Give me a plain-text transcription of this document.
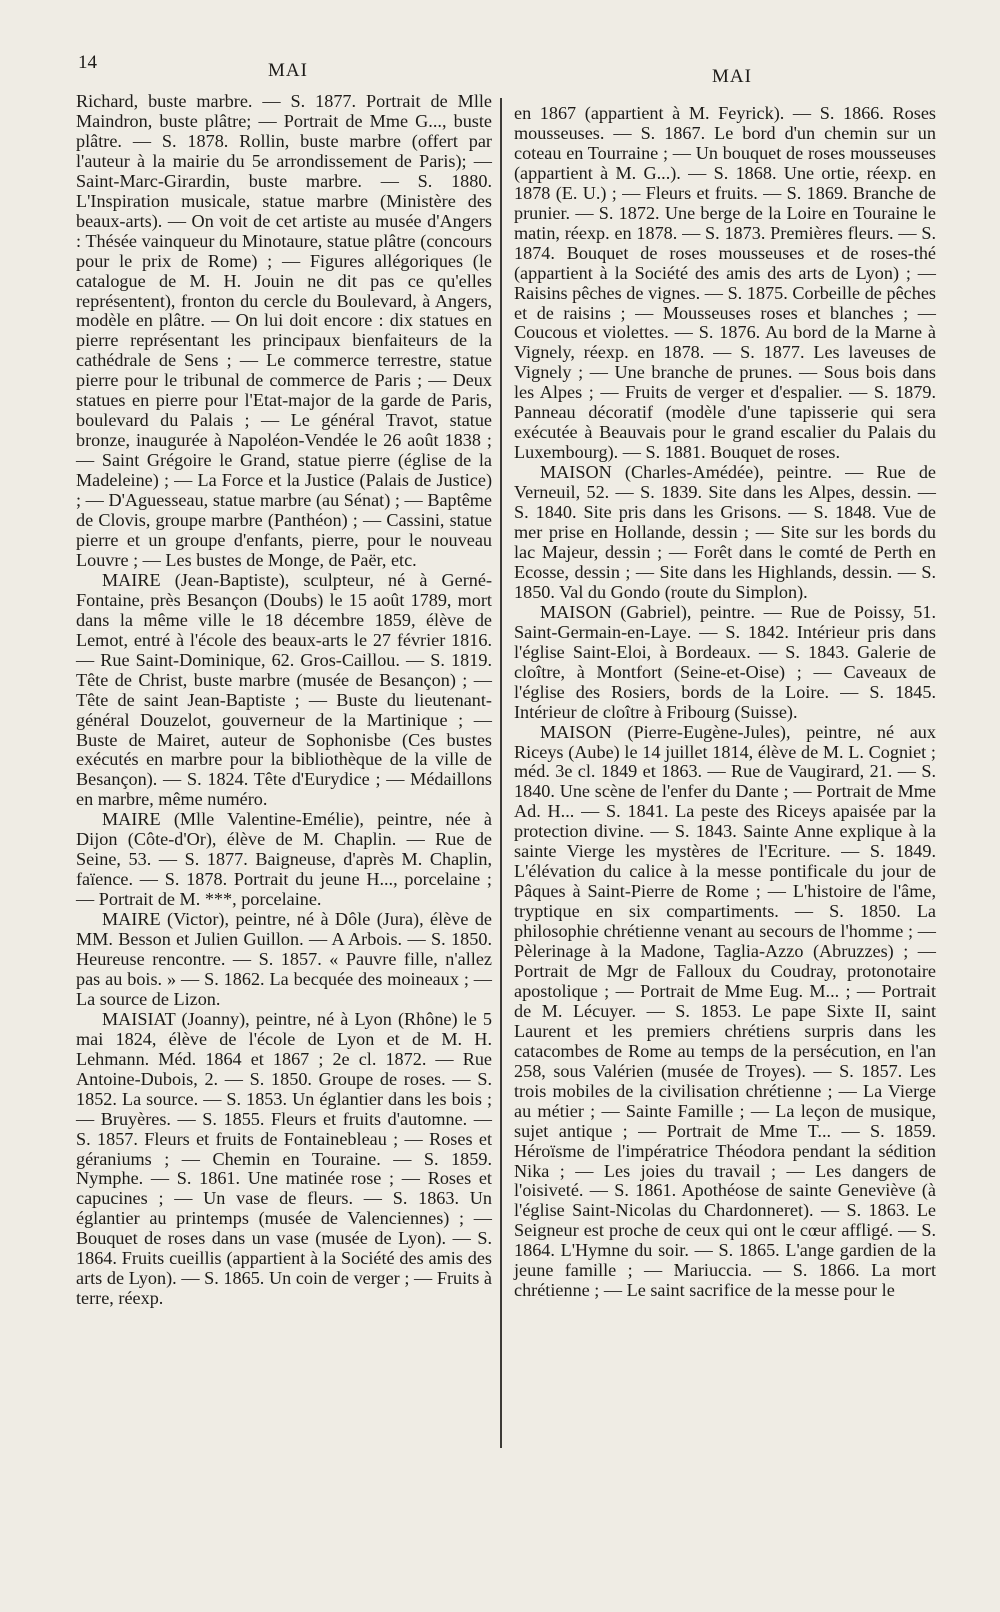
14	MAI	MAI

Richard, buste marbre. — S. 1877. Portrait de Mlle Maindron, buste plâtre; — Portrait de Mme G..., buste plâtre. — S. 1878. Rollin, buste marbre (offert par l'auteur à la mairie du 5e arrondissement de Paris); — Saint-Marc-Girardin, buste marbre. — S. 1880. L'Inspiration musicale, statue marbre (Ministère des beaux-arts). — On voit de cet artiste au musée d'Angers : Thésée vainqueur du Minotaure, statue plâtre (concours pour le prix de Rome) ; — Figures allégoriques (le catalogue de M. H. Jouin ne dit pas ce qu'elles représentent), fronton du cercle du Boulevard, à Angers, modèle en plâtre. — On lui doit encore : dix statues en pierre représentant les principaux bienfaiteurs de la cathédrale de Sens ; — Le commerce terrestre, statue pierre pour le tribunal de commerce de Paris ; — Deux statues en pierre pour l'Etat-major de la garde de Paris, boulevard du Palais ; — Le général Travot, statue bronze, inaugurée à Napoléon-Vendée le 26 août 1838 ; — Saint Grégoire le Grand, statue pierre (église de la Madeleine) ; — La Force et la Justice (Palais de Justice) ; — D'Aguesseau, statue marbre (au Sénat) ; — Baptême de Clovis, groupe marbre (Panthéon) ; — Cassini, statue pierre et un groupe d'enfants, pierre, pour le nouveau Louvre ; — Les bustes de Monge, de Paër, etc.

MAIRE (Jean-Baptiste), sculpteur, né à Gerné-Fontaine, près Besançon (Doubs) le 15 août 1789, mort dans la même ville le 18 décembre 1859, élève de Lemot, entré à l'école des beaux-arts le 27 février 1816. — Rue Saint-Dominique, 62. Gros-Caillou. — S. 1819. Tête de Christ, buste marbre (musée de Besançon) ; — Tête de saint Jean-Baptiste ; — Buste du lieutenant-général Douzelot, gouverneur de la Martinique ; — Buste de Mairet, auteur de Sophonisbe (Ces bustes exécutés en marbre pour la bibliothèque de la ville de Besançon). — S. 1824. Tête d'Eurydice ; — Médaillons en marbre, même numéro.

MAIRE (Mlle Valentine-Emélie), peintre, née à Dijon (Côte-d'Or), élève de M. Chaplin. — Rue de Seine, 53. — S. 1877. Baigneuse, d'après M. Chaplin, faïence. — S. 1878. Portrait du jeune H..., porcelaine ; — Portrait de M. ***, porcelaine.

MAIRE (Victor), peintre, né à Dôle (Jura), élève de MM. Besson et Julien Guillon. — A Arbois. — S. 1850. Heureuse rencontre. — S. 1857. « Pauvre fille, n'allez pas au bois. » — S. 1862. La becquée des moineaux ; — La source de Lizon.

MAISIAT (Joanny), peintre, né à Lyon (Rhône) le 5 mai 1824, élève de l'école de Lyon et de M. H. Lehmann. Méd. 1864 et 1867 ; 2e cl. 1872. — Rue Antoine-Dubois, 2. — S. 1850. Groupe de roses. — S. 1852. La source. — S. 1853. Un églantier dans les bois ; — Bruyères. — S. 1855. Fleurs et fruits d'automne. — S. 1857. Fleurs et fruits de Fontainebleau ; — Roses et géraniums ; — Chemin en Touraine. — S. 1859. Nymphe. — S. 1861. Une matinée rose ; — Roses et capucines ; — Un vase de fleurs. — S. 1863. Un églantier au printemps (musée de Valenciennes) ; — Bouquet de roses dans un vase (musée de Lyon). — S. 1864. Fruits cueillis (appartient à la Société des amis des arts de Lyon). — S. 1865. Un coin de verger ; — Fruits à terre, réexp.

en 1867 (appartient à M. Feyrick). — S. 1866. Roses mousseuses. — S. 1867. Le bord d'un chemin sur un coteau en Tourraine ; — Un bouquet de roses mousseuses (appartient à M. G...). — S. 1868. Une ortie, réexp. en 1878 (E. U.) ; — Fleurs et fruits. — S. 1869. Branche de prunier. — S. 1872. Une berge de la Loire en Touraine le matin, réexp. en 1878. — S. 1873. Premières fleurs. — S. 1874. Bouquet de roses mousseuses et de roses-thé (appartient à la Société des amis des arts de Lyon) ; — Raisins pêches de vignes. — S. 1875. Corbeille de pêches et de raisins ; — Mousseuses roses et blanches ; — Coucous et violettes. — S. 1876. Au bord de la Marne à Vignely, réexp. en 1878. — S. 1877. Les laveuses de Vignely ; — Une branche de prunes. — Sous bois dans les Alpes ; — Fruits de verger et d'espalier. — S. 1879. Panneau décoratif (modèle d'une tapisserie qui sera exécutée à Beauvais pour le grand escalier du Palais du Luxembourg). — S. 1881. Bouquet de roses.

MAISON (Charles-Amédée), peintre. — Rue de Verneuil, 52. — S. 1839. Site dans les Alpes, dessin. — S. 1840. Site pris dans les Grisons. — S. 1848. Vue de mer prise en Hollande, dessin ; — Site sur les bords du lac Majeur, dessin ; — Forêt dans le comté de Perth en Ecosse, dessin ; — Site dans les Highlands, dessin. — S. 1850. Val du Gondo (route du Simplon).

MAISON (Gabriel), peintre. — Rue de Poissy, 51. Saint-Germain-en-Laye. — S. 1842. Intérieur pris dans l'église Saint-Eloi, à Bordeaux. — S. 1843. Galerie de cloître, à Montfort (Seine-et-Oise) ; — Caveaux de l'église des Rosiers, bords de la Loire. — S. 1845. Intérieur de cloître à Fribourg (Suisse).

MAISON (Pierre-Eugène-Jules), peintre, né aux Riceys (Aube) le 14 juillet 1814, élève de M. L. Cogniet ; méd. 3e cl. 1849 et 1863. — Rue de Vaugirard, 21. — S. 1840. Une scène de l'enfer du Dante ; — Portrait de Mme Ad. H... — S. 1841. La peste des Riceys apaisée par la protection divine. — S. 1843. Sainte Anne explique à la sainte Vierge les mystères de l'Ecriture. — S. 1849. L'élévation du calice à la messe pontificale du jour de Pâques à Saint-Pierre de Rome ; — L'histoire de l'âme, tryptique en six compartiments. — S. 1850. La philosophie chrétienne venant au secours de l'homme ; — Pèlerinage à la Madone, Taglia-Azzo (Abruzzes) ; — Portrait de Mgr de Falloux du Coudray, protonotaire apostolique ; — Portrait de Mme Eug. M... ; — Portrait de M. Lécuyer. — S. 1853. Le pape Sixte II, saint Laurent et les premiers chrétiens surpris dans les catacombes de Rome au temps de la persécution, en l'an 258, sous Valérien (musée de Troyes). — S. 1857. Les trois mobiles de la civilisation chrétienne ; — La Vierge au métier ; — Sainte Famille ; — La leçon de musique, sujet antique ; — Portrait de Mme T... — S. 1859. Héroïsme de l'impératrice Théodora pendant la sédition Nika ; — Les joies du travail ; — Les dangers de l'oisiveté. — S. 1861. Apothéose de sainte Geneviève (à l'église Saint-Nicolas du Chardonneret). — S. 1863. Le Seigneur est proche de ceux qui ont le cœur affligé. — S. 1864. L'Hymne du soir. — S. 1865. L'ange gardien de la jeune famille ; — Mariuccia. — S. 1866. La mort chrétienne ; — Le saint sacrifice de la messe pour le
